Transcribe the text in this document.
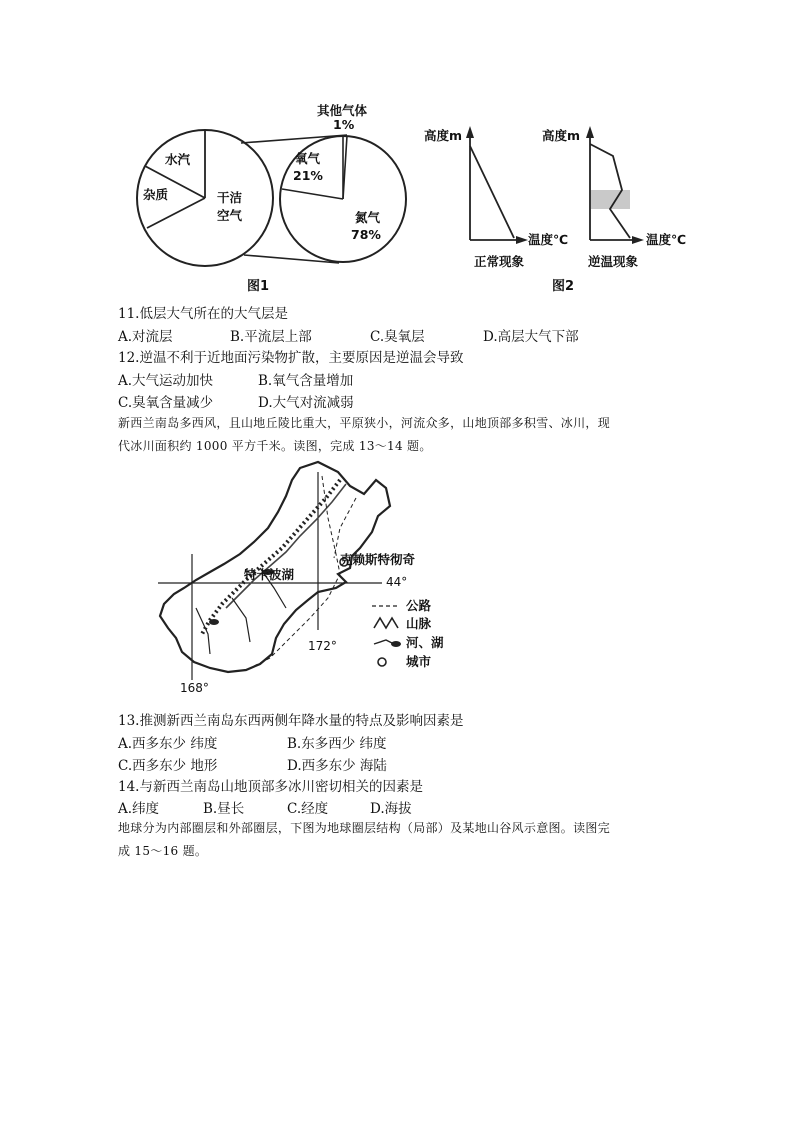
水汽
杂质	干洁
空气
其他气体
1%
氧气
21%
氮气
78%
图1
高度m
温度℃
正常现象
高度m
温度℃
逆温现象
图2
11.低层大气所在的大气层是
A.对流层	B.平流层上部	C.臭氧层	D.高层大气下部
12.逆温不利于近地面污染物扩散，主要原因是逆温会导致
A.大气运动加快	B.氧气含量增加
C.臭氧含量减少	D.大气对流减弱
新西兰南岛多西风，且山地丘陵比重大，平原狭小，河流众多，山地顶部多积雪、冰川，现
代冰川面积约 1000 平方千米。读图，完成 13～14 题。
克赖斯特彻奇
特卡波湖	44°
172°
168°
公路
山脉
河、湖
城市
13.推测新西兰南岛东西两侧年降水量的特点及影响因素是
A.西多东少 纬度	B.东多西少 纬度
C.西多东少 地形	D.西多东少 海陆
14.与新西兰南岛山地顶部多冰川密切相关的因素是
A.纬度	B.昼长	C.经度	D.海拔
地球分为内部圈层和外部圈层，下图为地球圈层结构（局部）及某地山谷风示意图。读图完
成 15～16 题。
